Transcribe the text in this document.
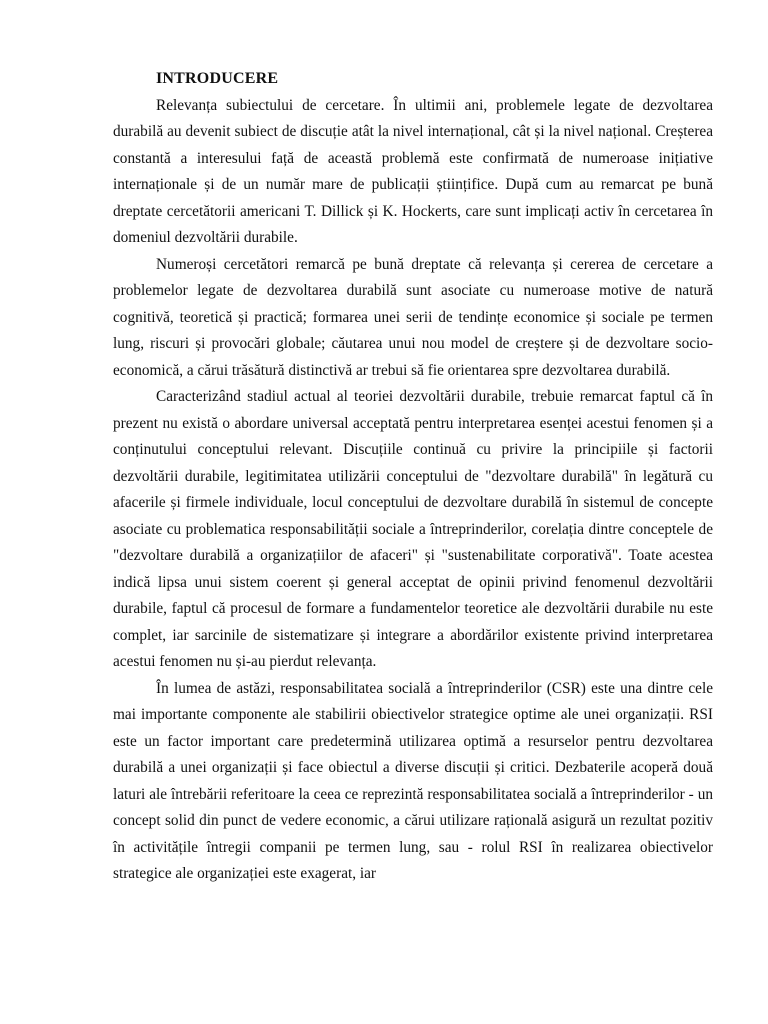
INTRODUCERE

Relevanța subiectului de cercetare. În ultimii ani, problemele legate de dezvoltarea durabilă au devenit subiect de discuție atât la nivel internațional, cât și la nivel național. Creșterea constantă a interesului față de această problemă este confirmată de numeroase inițiative internaționale și de un număr mare de publicații științifice. După cum au remarcat pe bună dreptate cercetătorii americani T. Dillick și K. Hockerts, care sunt implicați activ în cercetarea în domeniul dezvoltării durabile.

Numeroși cercetători remarcă pe bună dreptate că relevanța și cererea de cercetare a problemelor legate de dezvoltarea durabilă sunt asociate cu numeroase motive de natură cognitivă, teoretică și practică; formarea unei serii de tendințe economice și sociale pe termen lung, riscuri și provocări globale; căutarea unui nou model de creștere și de dezvoltare socio-economică, a cărui trăsătură distinctivă ar trebui să fie orientarea spre dezvoltarea durabilă.

Caracterizând stadiul actual al teoriei dezvoltării durabile, trebuie remarcat faptul că în prezent nu există o abordare universal acceptată pentru interpretarea esenței acestui fenomen și a conținutului conceptului relevant. Discuțiile continuă cu privire la principiile și factorii dezvoltării durabile, legitimitatea utilizării conceptului de "dezvoltare durabilă" în legătură cu afacerile și firmele individuale, locul conceptului de dezvoltare durabilă în sistemul de concepte asociate cu problematica responsabilității sociale a întreprinderilor, corelația dintre conceptele de "dezvoltare durabilă a organizațiilor de afaceri" și "sustenabilitate corporativă". Toate acestea indică lipsa unui sistem coerent și general acceptat de opinii privind fenomenul dezvoltării durabile, faptul că procesul de formare a fundamentelor teoretice ale dezvoltării durabile nu este complet, iar sarcinile de sistematizare și integrare a abordărilor existente privind interpretarea acestui fenomen nu și-au pierdut relevanța.

În lumea de astăzi, responsabilitatea socială a întreprinderilor (CSR) este una dintre cele mai importante componente ale stabilirii obiectivelor strategice optime ale unei organizații. RSI este un factor important care predetermină utilizarea optimă a resurselor pentru dezvoltarea durabilă a unei organizații și face obiectul a diverse discuții și critici. Dezbaterile acoperă două laturi ale întrebării referitoare la ceea ce reprezintă responsabilitatea socială a întreprinderilor - un concept solid din punct de vedere economic, a cărui utilizare rațională asigură un rezultat pozitiv în activitățile întregii companii pe termen lung, sau - rolul RSI în realizarea obiectivelor strategice ale organizației este exagerat, iar
